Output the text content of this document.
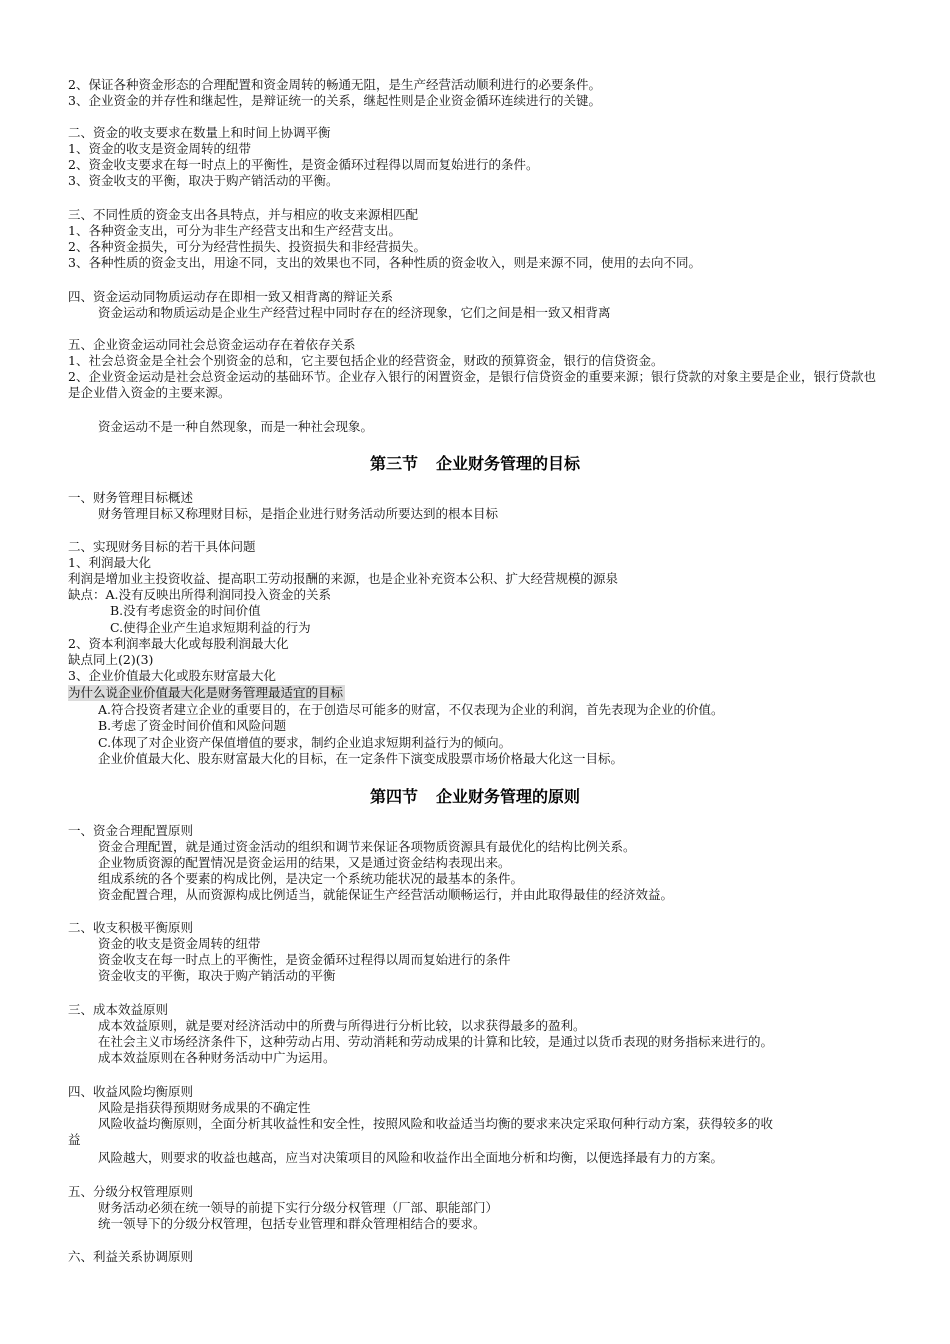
2、保证各种资金形态的合理配置和资金周转的畅通无阻，是生产经营活动顺利进行的必要条件。
3、企业资金的并存性和继起性，是辩证统一的关系，继起性则是企业资金循环连续进行的关键。
二、资金的收支要求在数量上和时间上协调平衡
1、资金的收支是资金周转的纽带
2、资金收支要求在每一时点上的平衡性，是资金循环过程得以周而复始进行的条件。
3、资金收支的平衡，取决于购产销活动的平衡。
三、不同性质的资金支出各具特点，并与相应的收支来源相匹配
1、各种资金支出，可分为非生产经营支出和生产经营支出。
2、各种资金损失，可分为经营性损失、投资损失和非经营损失。
3、各种性质的资金支出，用途不同，支出的效果也不同，各种性质的资金收入，则是来源不同，使用的去向不同。
四、资金运动同物质运动存在即相一致又相背离的辩证关系
资金运动和物质运动是企业生产经营过程中同时存在的经济现象，它们之间是相一致又相背离
五、企业资金运动同社会总资金运动存在着依存关系
1、社会总资金是全社会个别资金的总和，它主要包括企业的经营资金，财政的预算资金，银行的信贷资金。
2、企业资金运动是社会总资金运动的基础环节。企业存入银行的闲置资金，是银行信贷资金的重要来源；银行贷款的对象主要是企业，银行贷款也是企业借入资金的主要来源。
资金运动不是一种自然现象，而是一种社会现象。
第三节 企业财务管理的目标
一、财务管理目标概述
财务管理目标又称理财目标，是指企业进行财务活动所要达到的根本目标
二、实现财务目标的若干具体问题
1、利润最大化
利润是增加业主投资收益、提高职工劳动报酬的来源，也是企业补充资本公积、扩大经营规模的源泉
缺点：A.没有反映出所得利润同投入资金的关系
B.没有考虑资金的时间价值
C.使得企业产生追求短期利益的行为
2、资本利润率最大化或每股利润最大化
缺点同上(2)(3)
3、企业价值最大化或股东财富最大化
为什么说企业价值最大化是财务管理最适宜的目标
A.符合投资者建立企业的重要目的，在于创造尽可能多的财富，不仅表现为企业的利润，首先表现为企业的价值。
B.考虑了资金时间价值和风险问题
C.体现了对企业资产保值增值的要求，制约企业追求短期利益行为的倾向。
企业价值最大化、股东财富最大化的目标，在一定条件下演变成股票市场价格最大化这一目标。
第四节 企业财务管理的原则
一、资金合理配置原则
资金合理配置，就是通过资金活动的组织和调节来保证各项物质资源具有最优化的结构比例关系。
企业物质资源的配置情况是资金运用的结果，又是通过资金结构表现出来。
组成系统的各个要素的构成比例，是决定一个系统功能状况的最基本的条件。
资金配置合理，从而资源构成比例适当，就能保证生产经营活动顺畅运行，并由此取得最佳的经济效益。
二、收支积极平衡原则
资金的收支是资金周转的纽带
资金收支在每一时点上的平衡性，是资金循环过程得以周而复始进行的条件
资金收支的平衡，取决于购产销活动的平衡
三、成本效益原则
成本效益原则，就是要对经济活动中的所费与所得进行分析比较，以求获得最多的盈利。
在社会主义市场经济条件下，这种劳动占用、劳动消耗和劳动成果的计算和比较，是通过以货币表现的财务指标来进行的。
成本效益原则在各种财务活动中广为运用。
四、收益风险均衡原则
风险是指获得预期财务成果的不确定性
风险收益均衡原则，全面分析其收益性和安全性，按照风险和收益适当均衡的要求来决定采取何种行动方案，获得较多的收
益
风险越大，则要求的收益也越高，应当对决策项目的风险和收益作出全面地分析和均衡，以便选择最有力的方案。
五、分级分权管理原则
财务活动必须在统一领导的前提下实行分级分权管理（厂部、职能部门）
统一领导下的分级分权管理，包括专业管理和群众管理相结合的要求。
六、利益关系协调原则
